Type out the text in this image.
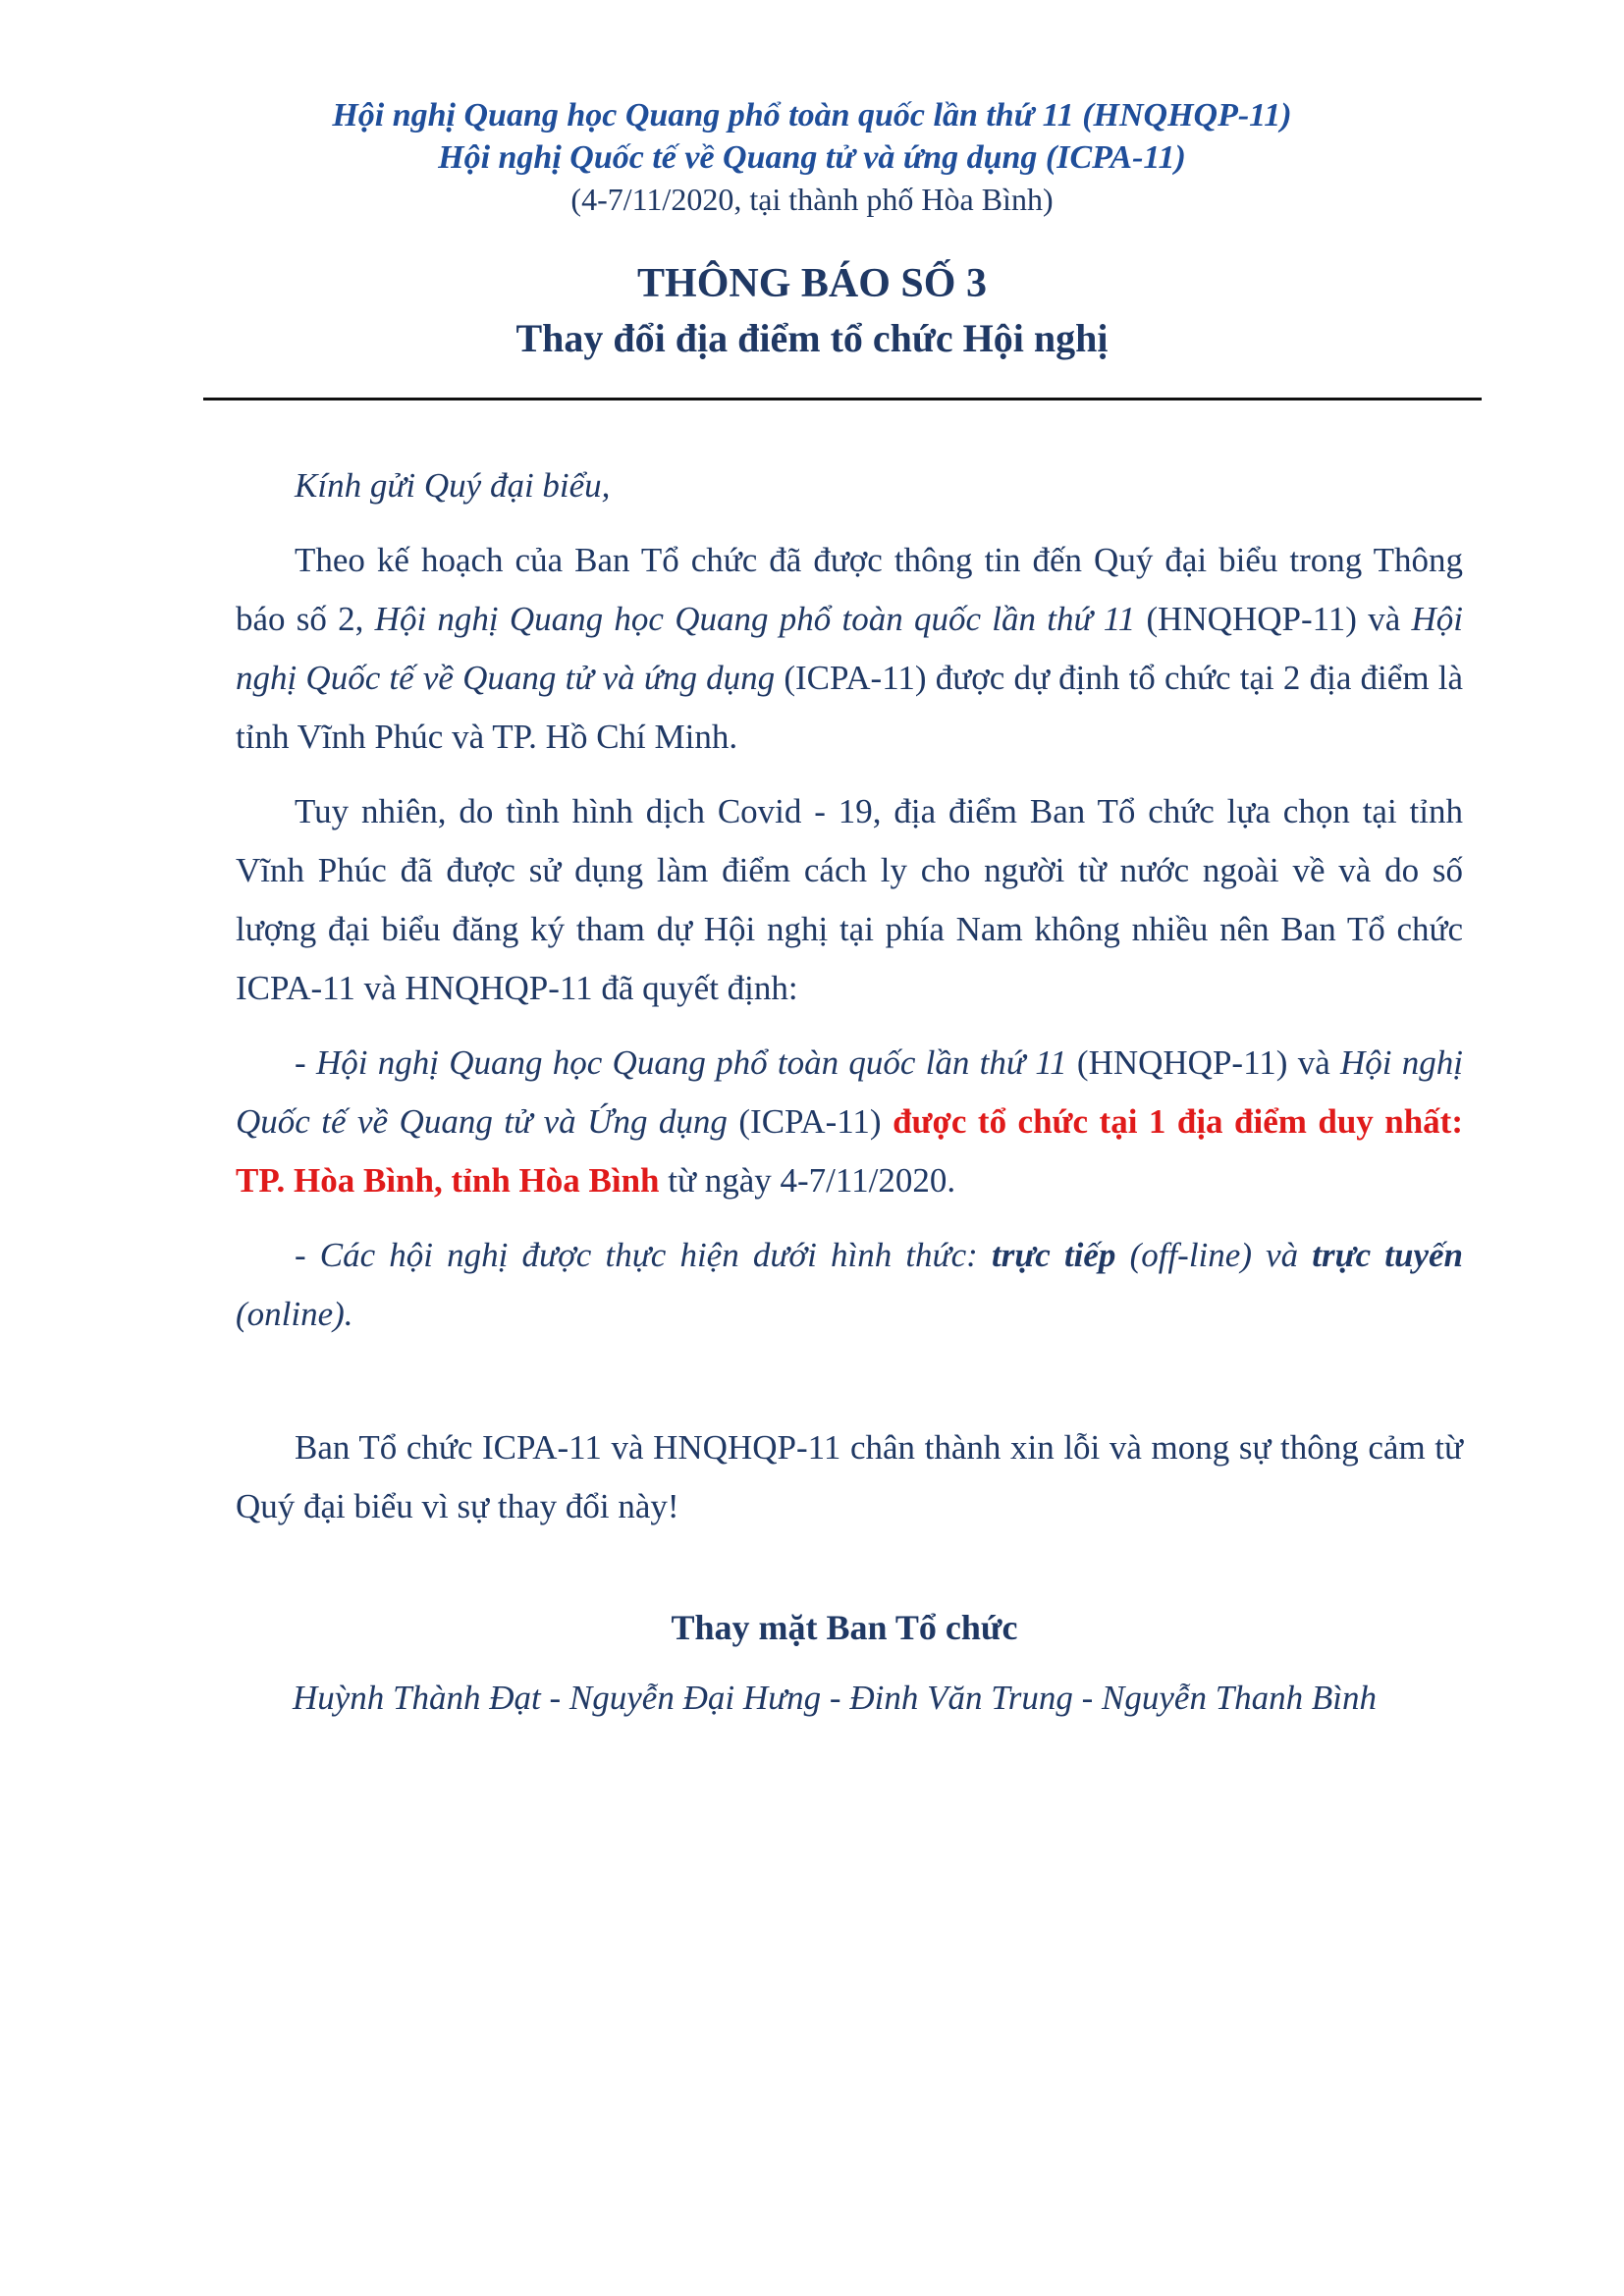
Hội nghị Quang học Quang phổ toàn quốc lần thứ 11 (HNQHQP-11)
Hội nghị Quốc tế về Quang tử và ứng dụng (ICPA-11)
(4-7/11/2020, tại thành phố Hòa Bình)
THÔNG BÁO SỐ 3
Thay đổi địa điểm tổ chức Hội nghị

Kính gửi Quý đại biểu,

Theo kế hoạch của Ban Tổ chức đã được thông tin đến Quý đại biểu trong Thông báo số 2, Hội nghị Quang học Quang phổ toàn quốc lần thứ 11 (HNQHQP-11) và Hội nghị Quốc tế về Quang tử và ứng dụng (ICPA-11) được dự định tổ chức tại 2 địa điểm là tỉnh Vĩnh Phúc và TP. Hồ Chí Minh.

Tuy nhiên, do tình hình dịch Covid - 19, địa điểm Ban Tổ chức lựa chọn tại tỉnh Vĩnh Phúc đã được sử dụng làm điểm cách ly cho người từ nước ngoài về và do số lượng đại biểu đăng ký tham dự Hội nghị tại phía Nam không nhiều nên Ban Tổ chức ICPA-11 và HNQHQP-11 đã quyết định:

- Hội nghị Quang học Quang phổ toàn quốc lần thứ 11 (HNQHQP-11) và Hội nghị Quốc tế về Quang tử và Ứng dụng (ICPA-11) được tổ chức tại 1 địa điểm duy nhất: TP. Hòa Bình, tỉnh Hòa Bình từ ngày 4-7/11/2020.

- Các hội nghị được thực hiện dưới hình thức: trực tiếp (off-line) và trực tuyến (online).

Ban Tổ chức ICPA-11 và HNQHQP-11 chân thành xin lỗi và mong sự thông cảm từ Quý đại biểu vì sự thay đổi này!

Thay mặt Ban Tổ chức
Huỳnh Thành Đạt - Nguyễn Đại Hưng - Đinh Văn Trung - Nguyễn Thanh Bình
